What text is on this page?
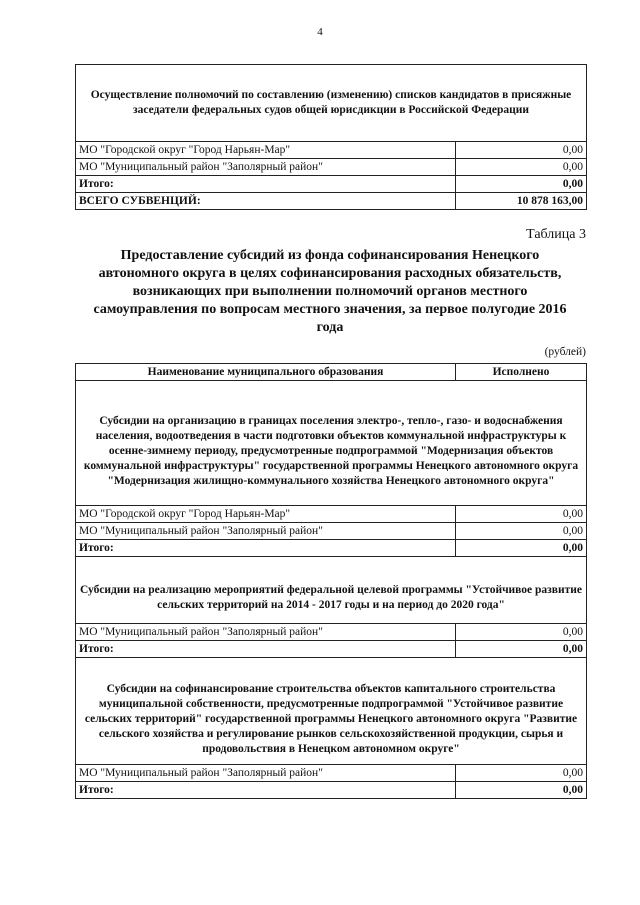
4
Осуществление полномочий по составлению (изменению) списков кандидатов в присяжные заседатели федеральных судов общей юрисдикции в Российской Федерации	
МО "Городской округ "Город Нарьян-Мар"	0,00
МО "Муниципальный район "Заполярный район"	0,00
Итого:	0,00
ВСЕГО СУБВЕНЦИЙ:	10 878 163,00
Таблица 3
Предоставление субсидий из фонда софинансирования Ненецкого автономного округа в целях софинансирования расходных обязательств, возникающих при выполнении полномочий органов местного самоуправления по вопросам местного значения, за первое полугодие 2016 года
(рублей)
Наименование муниципального образования	Исполнено

Субсидии на организацию в границах поселения электро-, тепло-, газо- и водоснабжения населения, водоотведения в части подготовки объектов коммунальной инфраструктуры к осенне-зимнему периоду, предусмотренные подпрограммой "Модернизация объектов коммунальной инфраструктуры" государственной программы Ненецкого автономного округа "Модернизация жилищно-коммунального хозяйства Ненецкого автономного округа"	
МО "Городской округ "Город Нарьян-Мар"	0,00
МО "Муниципальный район "Заполярный район"	0,00
Итого:	0,00

Субсидии на реализацию мероприятий федеральной целевой программы "Устойчивое развитие сельских территорий на 2014 - 2017 годы и на период до 2020 года"	
МО "Муниципальный район "Заполярный район"	0,00
Итого:	0,00

Субсидии на софинансирование строительства объектов капитального строительства муниципальной собственности, предусмотренные подпрограммой "Устойчивое развитие сельских территорий" государственной программы Ненецкого автономного округа "Развитие сельского хозяйства и регулирование рынков сельскохозяйственной продукции, сырья и продовольствия в Ненецком автономном округе"	
МО "Муниципальный район "Заполярный район"	0,00
Итого:	0,00
